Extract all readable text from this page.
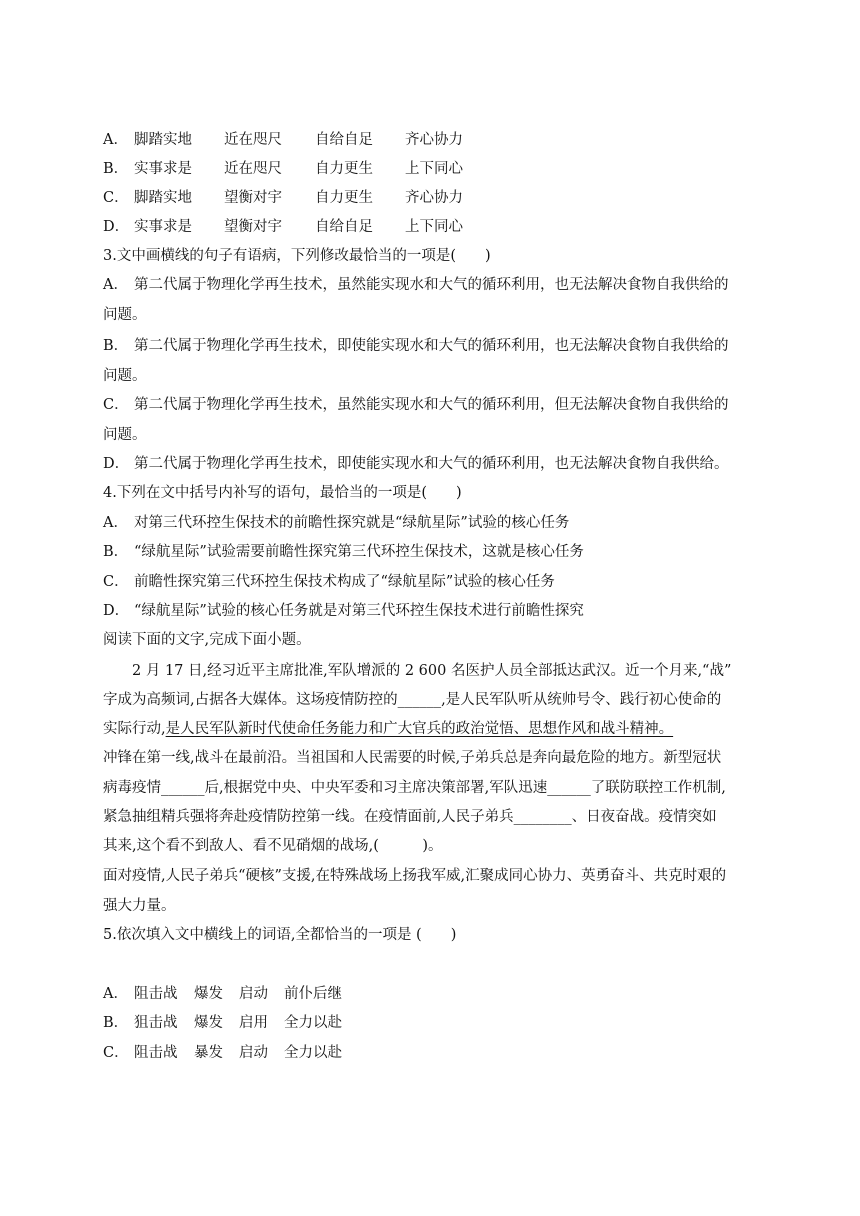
A． 脚踏实地	近在咫尺	自给自足	齐心协力
B． 实事求是	近在咫尺	自力更生	上下同心
C． 脚踏实地	望衡对宇	自力更生	齐心协力
D． 实事求是	望衡对宇	自给自足	上下同心
3.文中画横线的句子有语病，下列修改最恰当的一项是(　　)
A． 第二代属于物理化学再生技术，虽然能实现水和大气的循环利用，也无法解决食物自我供给的
问题。
B． 第二代属于物理化学再生技术，即使能实现水和大气的循环利用，也无法解决食物自我供给的
问题。
C． 第二代属于物理化学再生技术，虽然能实现水和大气的循环利用，但无法解决食物自我供给的
问题。
D． 第二代属于物理化学再生技术，即使能实现水和大气的循环利用，也无法解决食物自我供给。
4.下列在文中括号内补写的语句，最恰当的一项是(　　)
A． 对第三代环控生保技术的前瞻性探究就是“绿航星际”试验的核心任务
B． “绿航星际”试验需要前瞻性探究第三代环控生保技术，这就是核心任务
C． 前瞻性探究第三代环控生保技术构成了“绿航星际”试验的核心任务
D． “绿航星际”试验的核心任务就是对第三代环控生保技术进行前瞻性探究
阅读下面的文字,完成下面小题。
　　2 月 17 日,经习近平主席批准,军队增派的 2 600 名医护人员全部抵达武汉。近一个月来,“战”
字成为高频词,占据各大媒体。这场疫情防控的______,是人民军队听从统帅号令、践行初心使命的
实际行动,是人民军队新时代使命任务能力和广大官兵的政治觉悟、思想作风和战斗精神。
冲锋在第一线,战斗在最前沿。当祖国和人民需要的时候,子弟兵总是奔向最危险的地方。新型冠状
病毒疫情______后,根据党中央、中央军委和习主席决策部署,军队迅速______了联防联控工作机制,
紧急抽组精兵强将奔赴疫情防控第一线。在疫情面前,人民子弟兵________、日夜奋战。疫情突如
其来,这个看不到敌人、看不见硝烟的战场,(　　　)。
面对疫情,人民子弟兵“硬核”支援,在特殊战场上扬我军威,汇聚成同心协力、英勇奋斗、共克时艰的
强大力量。
5.依次填入文中横线上的词语,全都恰当的一项是 (　　)
A． 阻击战	爆发	启动	前仆后继
B． 狙击战	爆发	启用	全力以赴
C． 阻击战	暴发	启动	全力以赴
